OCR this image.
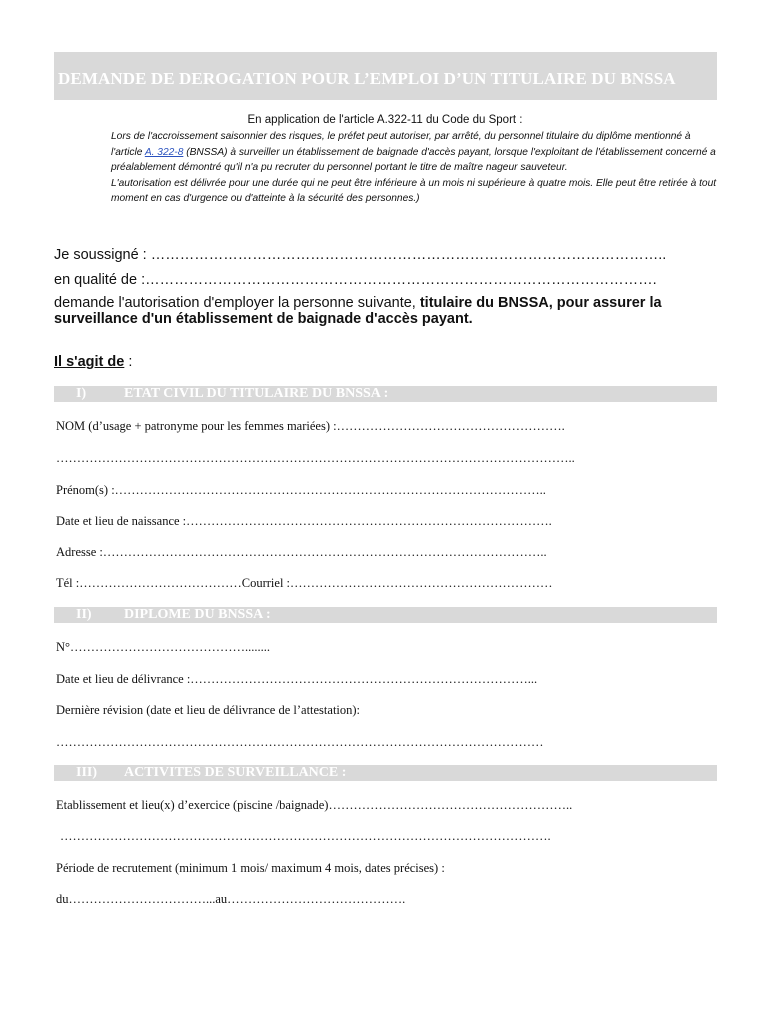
DEMANDE DE DEROGATION POUR L’EMPLOI D’UN TITULAIRE DU BNSSA
En application de l'article A.322-11 du Code du Sport :

Lors de l'accroissement saisonnier des risques, le préfet peut autoriser, par arrêté, du personnel titulaire du diplôme mentionné à l'article A. 322-8 (BNSSA) à surveiller un établissement de baignade d'accès payant, lorsque l'exploitant de l'établissement concerné a préalablement démontré qu'il n'a pu recruter du personnel portant le titre de maître nageur sauveteur.

L'autorisation est délivrée pour une durée qui ne peut être inférieure à un mois ni supérieure à quatre mois. Elle peut être retirée à tout moment en cas d'urgence ou d'atteinte à la sécurité des personnes.)

Je soussigné : ……………………………………………………………………………………………..
en qualité de :…………………………………………………………………………………………….
demande l'autorisation d'employer la personne suivante, titulaire du BNSSA, pour assurer la surveillance d'un établissement de baignade d'accès payant.
Il s'agit de :
I)	ETAT CIVIL DU TITULAIRE DU BNSSA :
NOM (d’usage + patronyme pour les femmes mariées) :……………………………………………….
……………………………………………………………………………………………………………..
Prénom(s) :…………………………………………………………………………………………..
Date et lieu de naissance :…………………………………………………………………………….
Adresse :……………………………………………………………………………………………..
Tél :…………………………………Courriel :………………………………………………………
II) DIPLOME DU BNSSA :
N°……………………………………........
Date et lieu de délivrance :………………………………………………………………………...
Dernière révision (date et lieu de délivrance de l’attestation):
………………………………………………………………………………………………………
III) ACTIVITES DE SURVEILLANCE :
Etablissement et lieu(x) d’exercice (piscine /baignade)…………………………………………………..
……………………………………………………………………………………………………….
Période de recrutement (minimum 1 mois/ maximum 4 mois, dates précises) :
du……………………………...au…………………………………….
